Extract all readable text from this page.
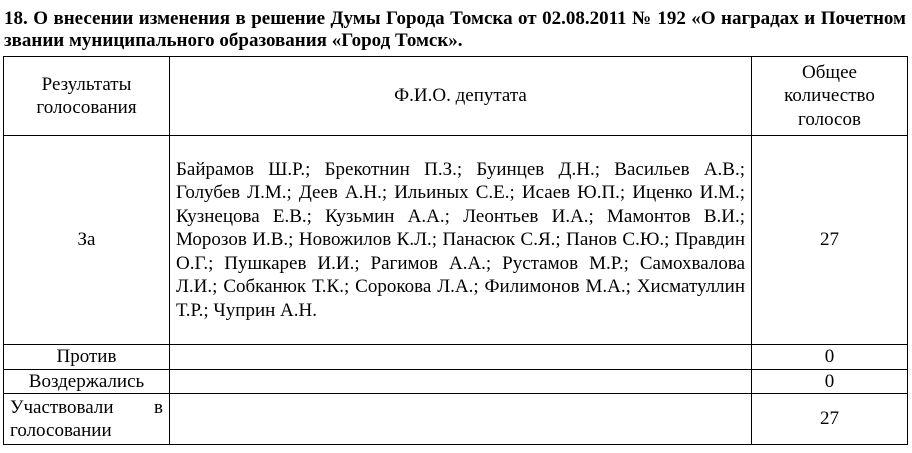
18. О внесении изменения в решение Думы Города Томска от 02.08.2011 № 192 «О наградах и Почетном звании муниципального образования «Город Томск».
Результаты голосования	Ф.И.О. депутата	Общее количество голосов
За	Байрамов Ш.Р.; Брекотнин П.З.; Буинцев Д.Н.; Васильев А.В.; Голубев Л.М.; Деев А.Н.; Ильиных С.Е.; Исаев Ю.П.; Иценко И.М.; Кузнецова Е.В.; Кузьмин А.А.; Леонтьев И.А.; Мамонтов В.И.; Морозов И.В.; Новожилов К.Л.; Панасюк С.Я.; Панов С.Ю.; Правдин О.Г.; Пушкарев И.И.; Рагимов А.А.; Рустамов М.Р.; Самохвалова Л.И.; Собканюк Т.К.; Сорокова Л.А.; Филимонов М.А.; Хисматуллин Т.Р.; Чуприн А.Н.	27
Против		0
Воздержались		0
Участвовали в голосовании		27
